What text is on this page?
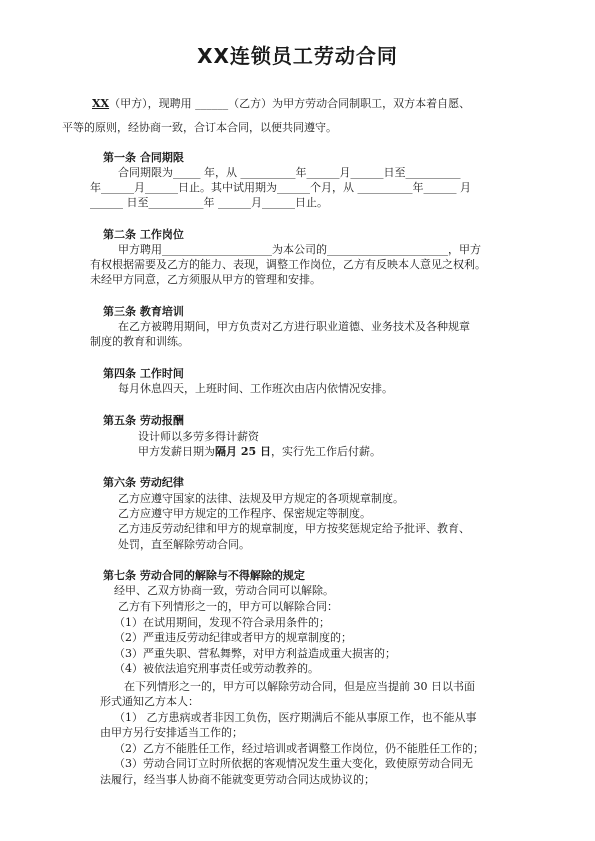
XX连锁员工劳动合同
XX（甲方），现聘用 ______（乙方）为甲方劳动合同制职工，双方本着自愿、
平等的原则，经协商一致，合订本合同，以便共同遵守。
第一条 合同期限
合同期限为_____ 年，从 __________年______月______日至__________
年______月______日止。其中试用期为______个月，从 __________年______ 月
______ 日至__________年 ______月______日止。
第二条 工作岗位
甲方聘用____________________为本公司的______________________，甲方
有权根据需要及乙方的能力、表现，调整工作岗位，乙方有反映本人意见之权利。
未经甲方同意，乙方须服从甲方的管理和安排。
第三条 教育培训
在乙方被聘用期间，甲方负责对乙方进行职业道德、业务技术及各种规章
制度的教育和训练。
第四条 工作时间
每月休息四天，上班时间、工作班次由店内依情况安排。
第五条 劳动报酬
设计师以多劳多得计薪资
甲方发薪日期为隔月 25 日，实行先工作后付薪。
第六条 劳动纪律
乙方应遵守国家的法律、法规及甲方规定的各项规章制度。
乙方应遵守甲方规定的工作程序、保密规定等制度。
乙方违反劳动纪律和甲方的规章制度，甲方按奖惩规定给予批评、教育、
处罚，直至解除劳动合同。
第七条 劳动合同的解除与不得解除的规定
经甲、乙双方协商一致，劳动合同可以解除。
乙方有下列情形之一的，甲方可以解除合同：
（1）在试用期间，发现不符合录用条件的；
（2）严重违反劳动纪律或者甲方的规章制度的；
（3）严重失职、营私舞弊，对甲方利益造成重大损害的；
（4）被依法追究刑事责任或劳动教养的。
在下列情形之一的，甲方可以解除劳动合同，但是应当提前 30 日以书面
形式通知乙方本人：
（1） 乙方患病或者非因工负伤，医疗期满后不能从事原工作，也不能从事
由甲方另行安排适当工作的；
（2）乙方不能胜任工作，经过培训或者调整工作岗位，仍不能胜任工作的；
（3）劳动合同订立时所依据的客观情况发生重大变化，致使原劳动合同无
法履行，经当事人协商不能就变更劳动合同达成协议的；
